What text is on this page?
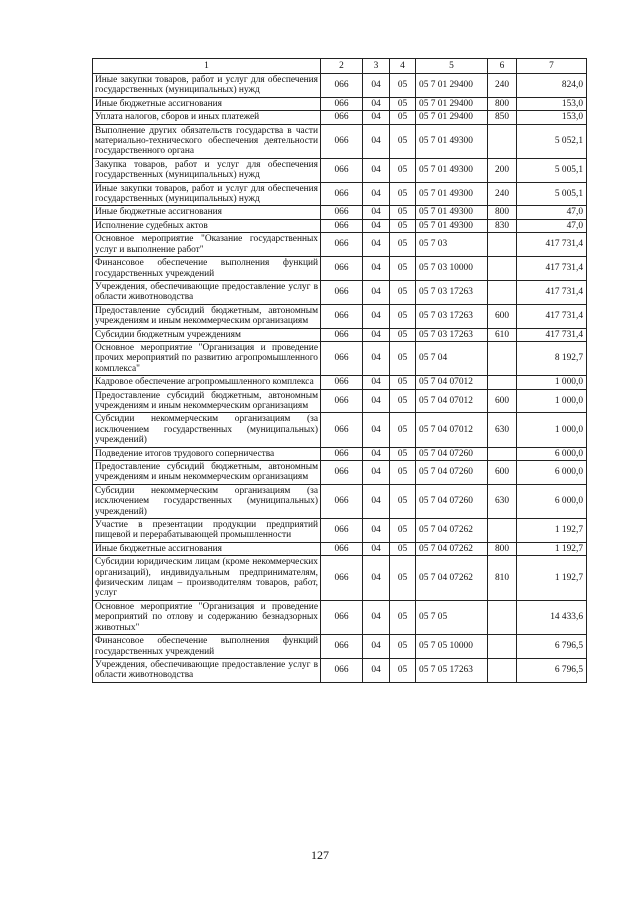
1	2	3	4	5	6	7
Иные закупки товаров, работ и услуг для обеспечения государственных (муниципальных) нужд	066	04	05	05 7 01 29400	240	824,0
Иные бюджетные ассигнования	066	04	05	05 7 01 29400	800	153,0
Уплата налогов, сборов и иных платежей	066	04	05	05 7 01 29400	850	153,0
Выполнение других обязательств государства в части материально-технического обеспечения деятельности государственного органа	066	04	05	05 7 01 49300		5 052,1
Закупка товаров, работ и услуг для обеспечения государственных (муниципальных) нужд	066	04	05	05 7 01 49300	200	5 005,1
Иные закупки товаров, работ и услуг для обеспечения государственных (муниципальных) нужд	066	04	05	05 7 01 49300	240	5 005,1
Иные бюджетные ассигнования	066	04	05	05 7 01 49300	800	47,0
Исполнение судебных актов	066	04	05	05 7 01 49300	830	47,0
Основное мероприятие "Оказание государственных услуг и выполнение работ"	066	04	05	05 7 03		417 731,4
Финансовое обеспечение выполнения функций государственных учреждений	066	04	05	05 7 03 10000		417 731,4
Учреждения, обеспечивающие предоставление услуг в области животноводства	066	04	05	05 7 03 17263		417 731,4
Предоставление субсидий бюджетным, автономным учреждениям и иным некоммерческим организациям	066	04	05	05 7 03 17263	600	417 731,4
Субсидии бюджетным учреждениям	066	04	05	05 7 03 17263	610	417 731,4
Основное мероприятие "Организация и проведение прочих мероприятий по развитию агропромышленного комплекса"	066	04	05	05 7 04		8 192,7
Кадровое обеспечение агропромышленного комплекса	066	04	05	05 7 04 07012		1 000,0
Предоставление субсидий бюджетным, автономным учреждениям и иным некоммерческим организациям	066	04	05	05 7 04 07012	600	1 000,0
Субсидии некоммерческим организациям (за исключением государственных (муниципальных) учреждений)	066	04	05	05 7 04 07012	630	1 000,0
Подведение итогов трудового соперничества	066	04	05	05 7 04 07260		6 000,0
Предоставление субсидий бюджетным, автономным учреждениям и иным некоммерческим организациям	066	04	05	05 7 04 07260	600	6 000,0
Субсидии некоммерческим организациям (за исключением государственных (муниципальных) учреждений)	066	04	05	05 7 04 07260	630	6 000,0
Участие в презентации продукции предприятий пищевой и перерабатывающей промышленности	066	04	05	05 7 04 07262		1 192,7
Иные бюджетные ассигнования	066	04	05	05 7 04 07262	800	1 192,7
Субсидии юридическим лицам (кроме некоммерческих организаций), индивидуальным предпринимателям, физическим лицам – производителям товаров, работ, услуг	066	04	05	05 7 04 07262	810	1 192,7
Основное мероприятие "Организация и проведение мероприятий по отлову и содержанию безнадзорных животных"	066	04	05	05 7 05		14 433,6
Финансовое обеспечение выполнения функций государственных учреждений	066	04	05	05 7 05 10000		6 796,5
Учреждения, обеспечивающие предоставление услуг в области животноводства	066	04	05	05 7 05 17263		6 796,5
127
